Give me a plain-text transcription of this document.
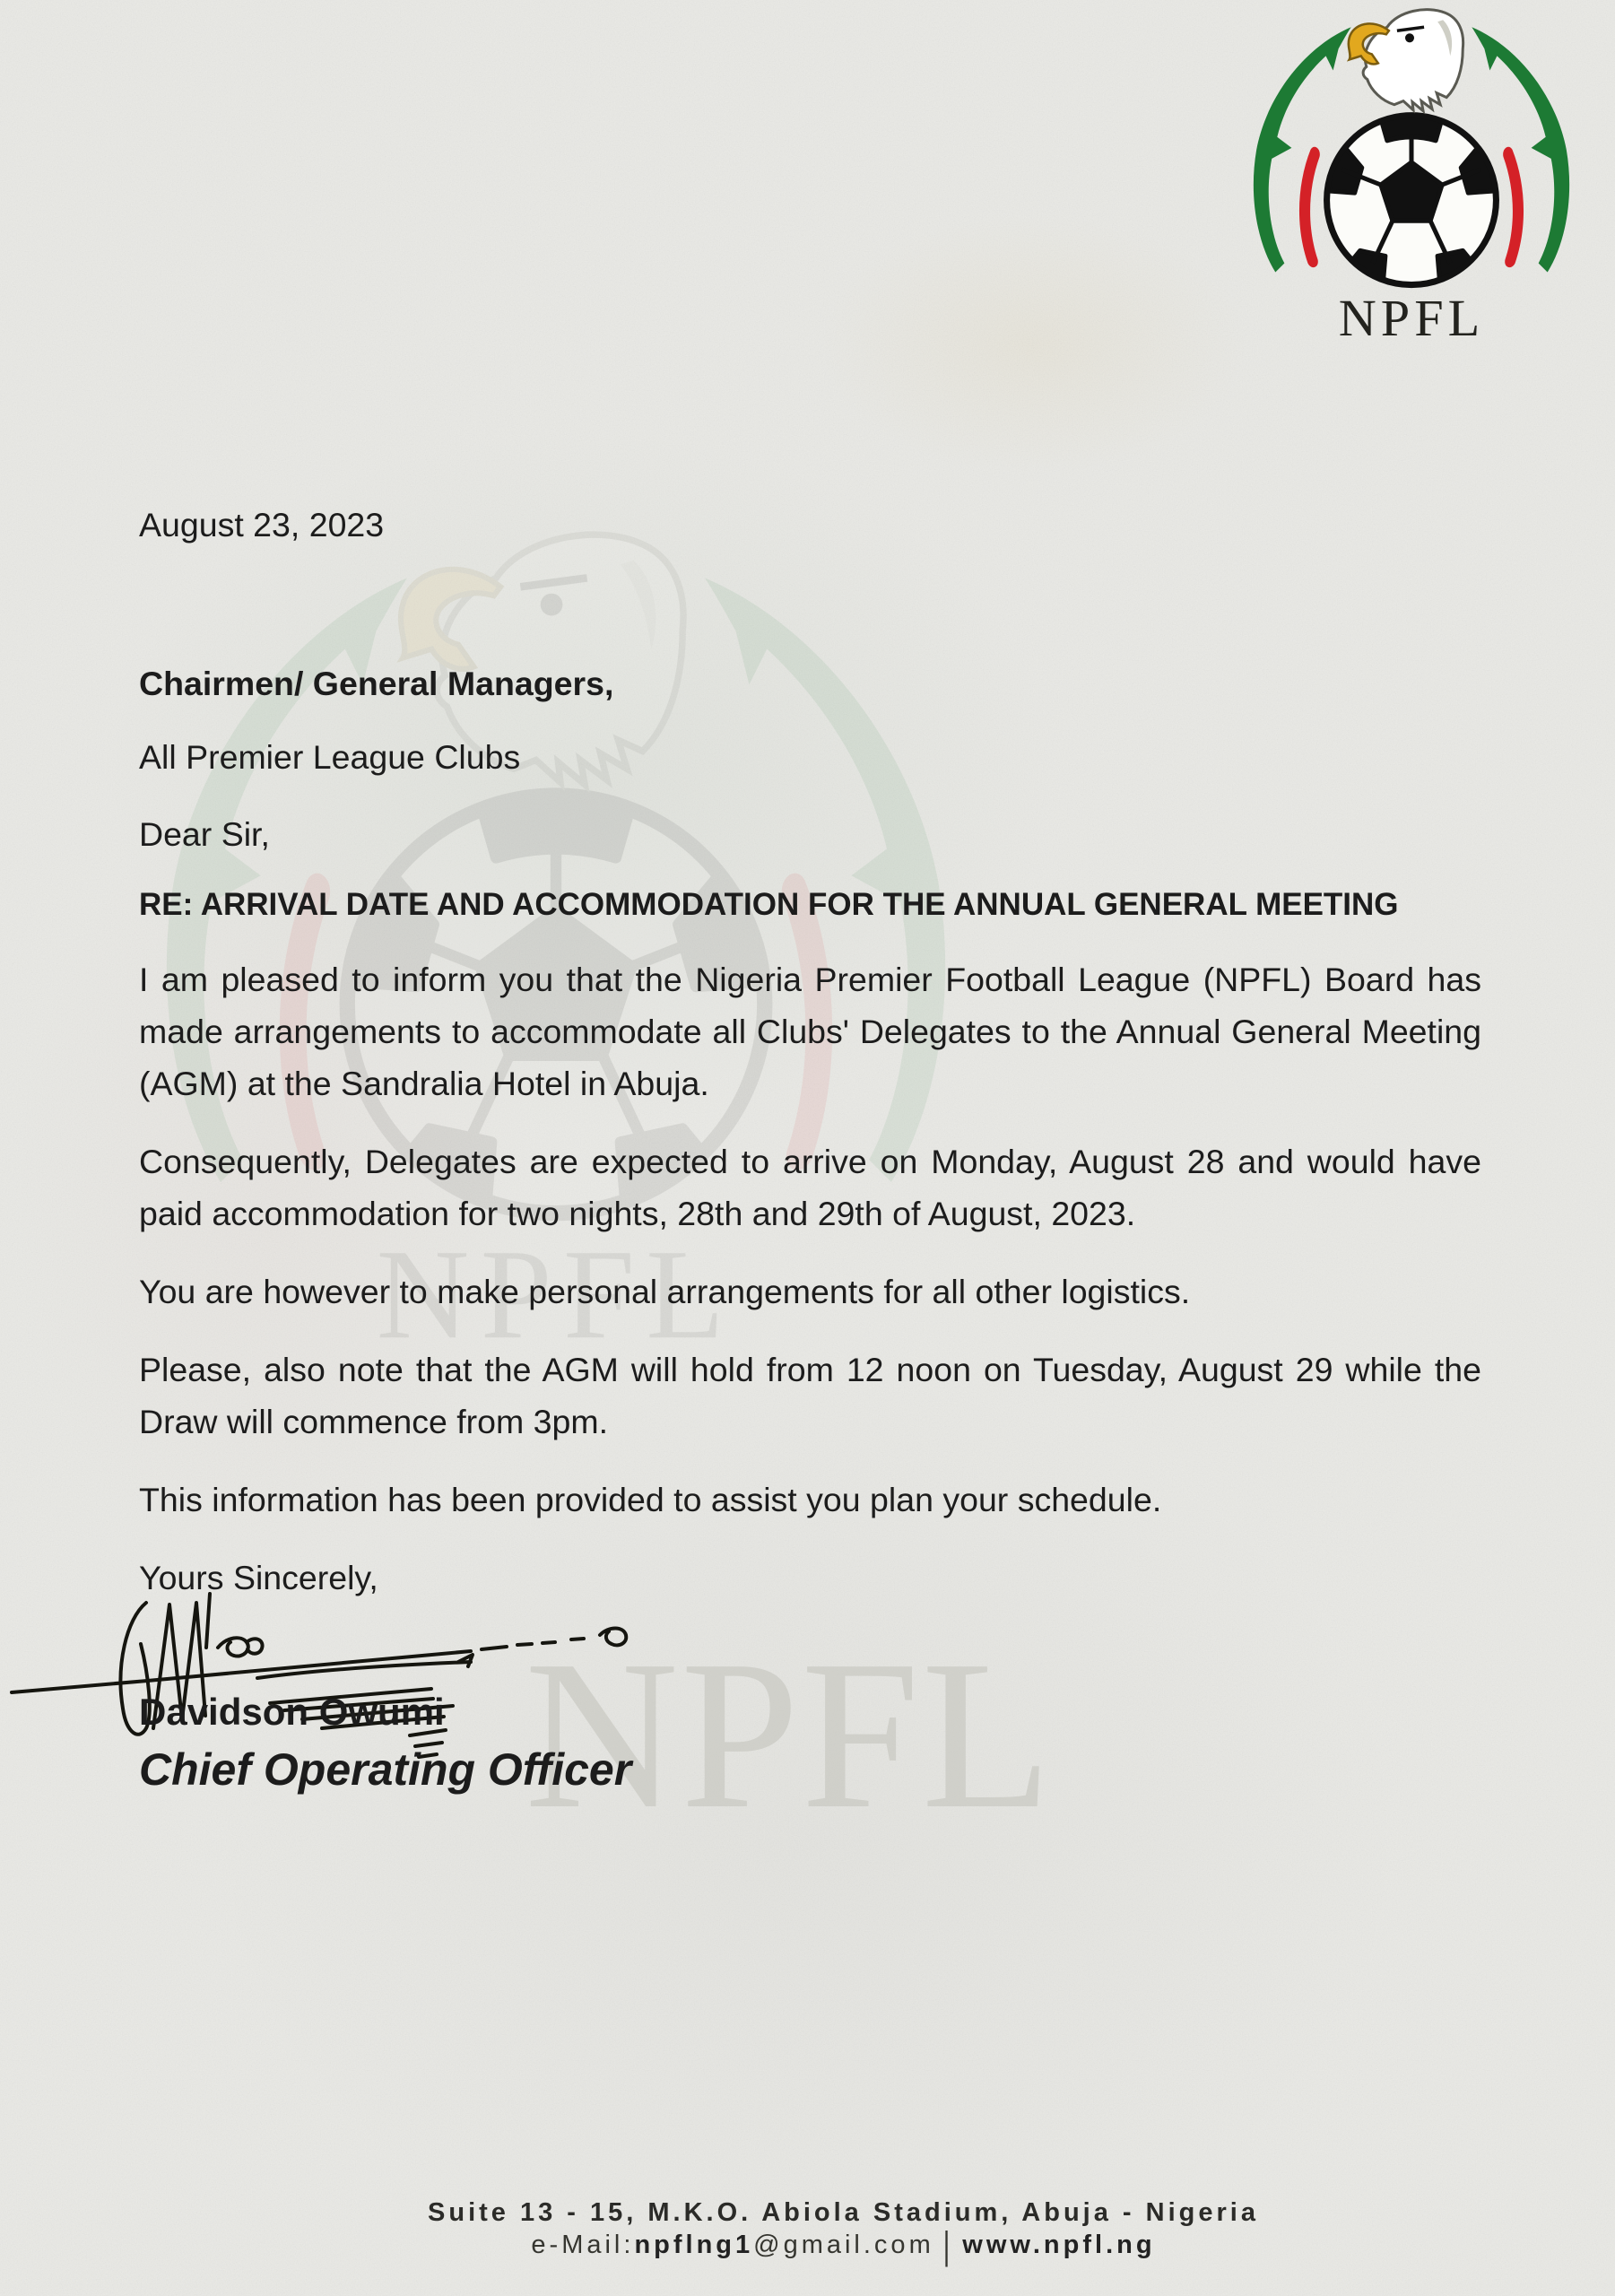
NPFL
August 23, 2023
Chairmen/ General Managers,
All Premier League Clubs
Dear Sir,
RE: ARRIVAL DATE AND ACCOMMODATION FOR THE ANNUAL GENERAL MEETING

I am pleased to inform you that the Nigeria Premier Football League (NPFL) Board has made arrangements to accommodate all Clubs' Delegates to the Annual General Meeting (AGM) at the Sandralia Hotel in Abuja.

Consequently, Delegates are expected to arrive on Monday, August 28 and would have paid accommodation for two nights, 28th and 29th of August, 2023.

You are however to make personal arrangements for all other logistics.

Please, also note that the AGM will hold from 12 noon on Tuesday, August 29 while the Draw will commence from 3pm.

This information has been provided to assist you plan your schedule.

Yours Sincerely,
Davidson Owumi
Chief Operating Officer
Suite 13 - 15, M.K.O. Abiola Stadium, Abuja - Nigeria
e-Mail:npflng1@gmail.com | www.npfl.ng
